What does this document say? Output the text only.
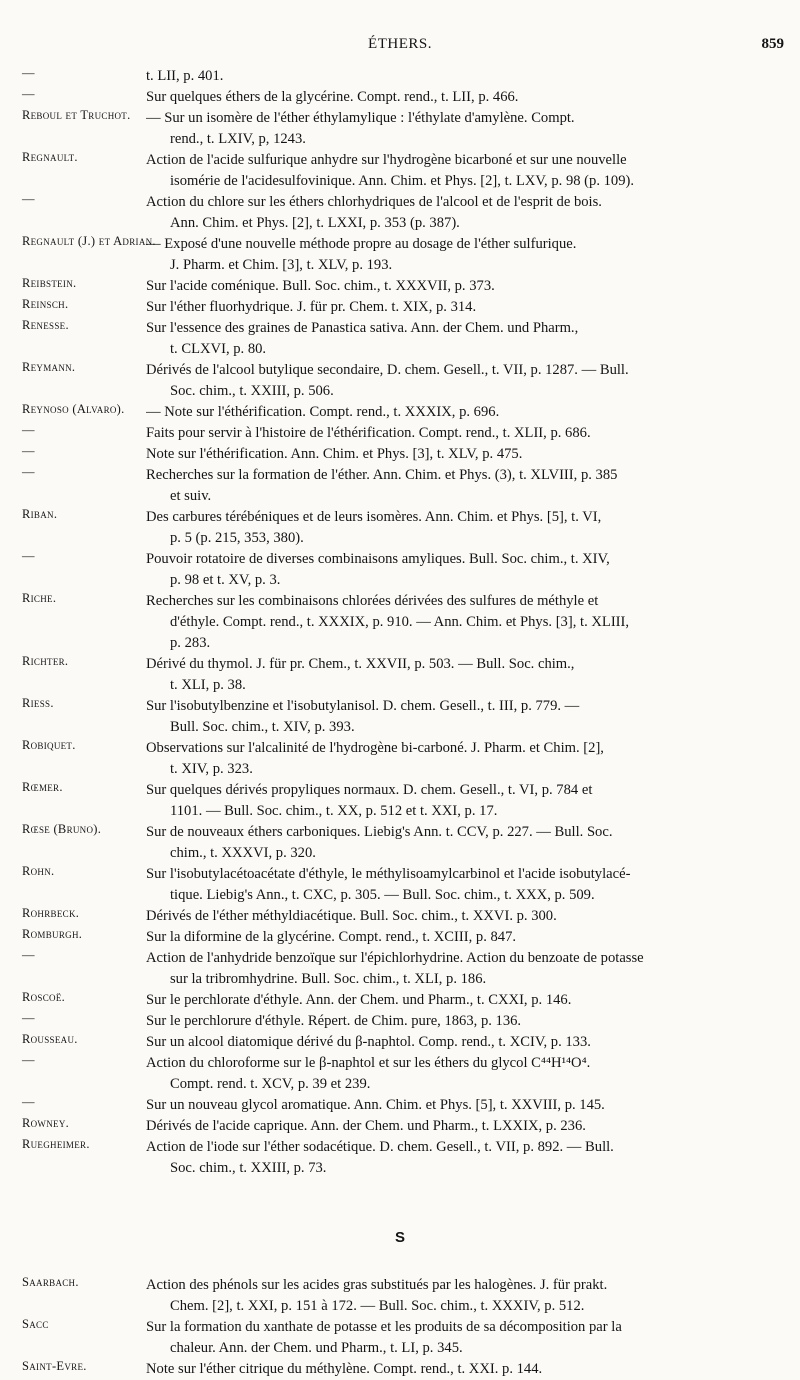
ÉTHERS.	859
—	t. LII, p. 401.
—	Sur quelques éthers de la glycérine. Compt. rend., t. LII, p. 466.
Reboul et Truchot. — Sur un isomère de l'éther éthylamylique : l'éthylate d'amylène. Compt.
rend., t. LXIV, p, 1243.
Regnault.	Action de l'acide sulfurique anhydre sur l'hydrogène bicarboné et sur une nouvelle
isomérie de l'acidesulfovinique. Ann. Chim. et Phys. [2], t. LXV, p. 98 (p. 109).
—	Action du chlore sur les éthers chlorhydriques de l'alcool et de l'esprit de bois.
Ann. Chim. et Phys. [2], t. LXXI, p. 353 (p. 387).
Regnault (J.) et Adrian.
— Exposé d'une nouvelle méthode propre au dosage de l'éther sulfurique.
J. Pharm. et Chim. [3], t. XLV, p. 193.
Reibstein.	Sur l'acide coménique. Bull. Soc. chim., t. XXXVII, p. 373.
Reinsch.	Sur l'éther fluorhydrique. J. für pr. Chem. t. XIX, p. 314.
Renesse.	Sur l'essence des graines de Panastica sativa. Ann. der Chem. und Pharm.,
t. CLXVI, p. 80.
Reymann.	Dérivés de l'alcool butylique secondaire, D. chem. Gesell., t. VII, p. 1287. — Bull.
Soc. chim., t. XXIII, p. 506.
Reynoso (Alvaro). — Note sur l'éthérification. Compt. rend., t. XXXIX, p. 696.
—	Faits pour servir à l'histoire de l'éthérification. Compt. rend., t. XLII, p. 686.
—	Note sur l'éthérification. Ann. Chim. et Phys. [3], t. XLV, p. 475.
—	Recherches sur la formation de l'éther. Ann. Chim. et Phys. (3), t. XLVIII, p. 385
et suiv.
Riban.	Des carbures térébéniques et de leurs isomères. Ann. Chim. et Phys. [5], t. VI,
p. 5 (p. 215, 353, 380).
—	Pouvoir rotatoire de diverses combinaisons amyliques. Bull. Soc. chim., t. XIV,
p. 98 et t. XV, p. 3.
Riche.	Recherches sur les combinaisons chlorées dérivées des sulfures de méthyle et
d'éthyle. Compt. rend., t. XXXIX, p. 910. — Ann. Chim. et Phys. [3], t. XLIII,
p. 283.
Richter.	Dérivé du thymol. J. für pr. Chem., t. XXVII, p. 503. — Bull. Soc. chim.,
t. XLI, p. 38.
Riess.	Sur l'isobutylbenzine et l'isobutylanisol. D. chem. Gesell., t. III, p. 779. —
Bull. Soc. chim., t. XIV, p. 393.
Robiquet.	Observations sur l'alcalinité de l'hydrogène bi-carboné. J. Pharm. et Chim. [2],
t. XIV, p. 323.
Rœmer.	Sur quelques dérivés propyliques normaux. D. chem. Gesell., t. VI, p. 784 et
1101. — Bull. Soc. chim., t. XX, p. 512 et t. XXI, p. 17.
Rœse (Bruno).	Sur de nouveaux éthers carboniques. Liebig's Ann. t. CCV, p. 227. — Bull. Soc.
chim., t. XXXVI, p. 320.
Rohn.	Sur l'isobutylacétoacétate d'éthyle, le méthylisoamylcarbinol et l'acide isobutylacé-
tique. Liebig's Ann., t. CXC, p. 305. — Bull. Soc. chim., t. XXX, p. 509.
Rohrbeck.	Dérivés de l'éther méthyldiacétique. Bull. Soc. chim., t. XXVI. p. 300.
Romburgh.	Sur la diformine de la glycérine. Compt. rend., t. XCIII, p. 847.
—	Action de l'anhydride benzoïque sur l'épichlorhydrine. Action du benzoate de potasse
sur la tribromhydrine. Bull. Soc. chim., t. XLI, p. 186.
Roscoë.	Sur le perchlorate d'éthyle. Ann. der Chem. und Pharm., t. CXXI, p. 146.
—	Sur le perchlorure d'éthyle. Répert. de Chim. pure, 1863, p. 136.
Rousseau.	Sur un alcool diatomique dérivé du β-naphtol. Comp. rend., t. XCIV, p. 133.
—	Action du chloroforme sur le β-naphtol et sur les éthers du glycol C⁴⁴H¹⁴O⁴.
Compt. rend. t. XCV, p. 39 et 239.
—	Sur un nouveau glycol aromatique. Ann. Chim. et Phys. [5], t. XXVIII, p. 145.
Rowney.	Dérivés de l'acide caprique. Ann. der Chem. und Pharm., t. LXXIX, p. 236.
Ruegheimer.	Action de l'iode sur l'éther sodacétique. D. chem. Gesell., t. VII, p. 892. — Bull.
Soc. chim., t. XXIII, p. 73.
S
Saarbach.	Action des phénols sur les acides gras substitués par les halogènes. J. für prakt.
Chem. [2], t. XXI, p. 151 à 172. — Bull. Soc. chim., t. XXXIV, p. 512.
Sacc	Sur la formation du xanthate de potasse et les produits de sa décomposition par la
chaleur. Ann. der Chem. und Pharm., t. LI, p. 345.
Saint-Evre.	Note sur l'éther citrique du méthylène. Compt. rend., t. XXI. p. 144.
